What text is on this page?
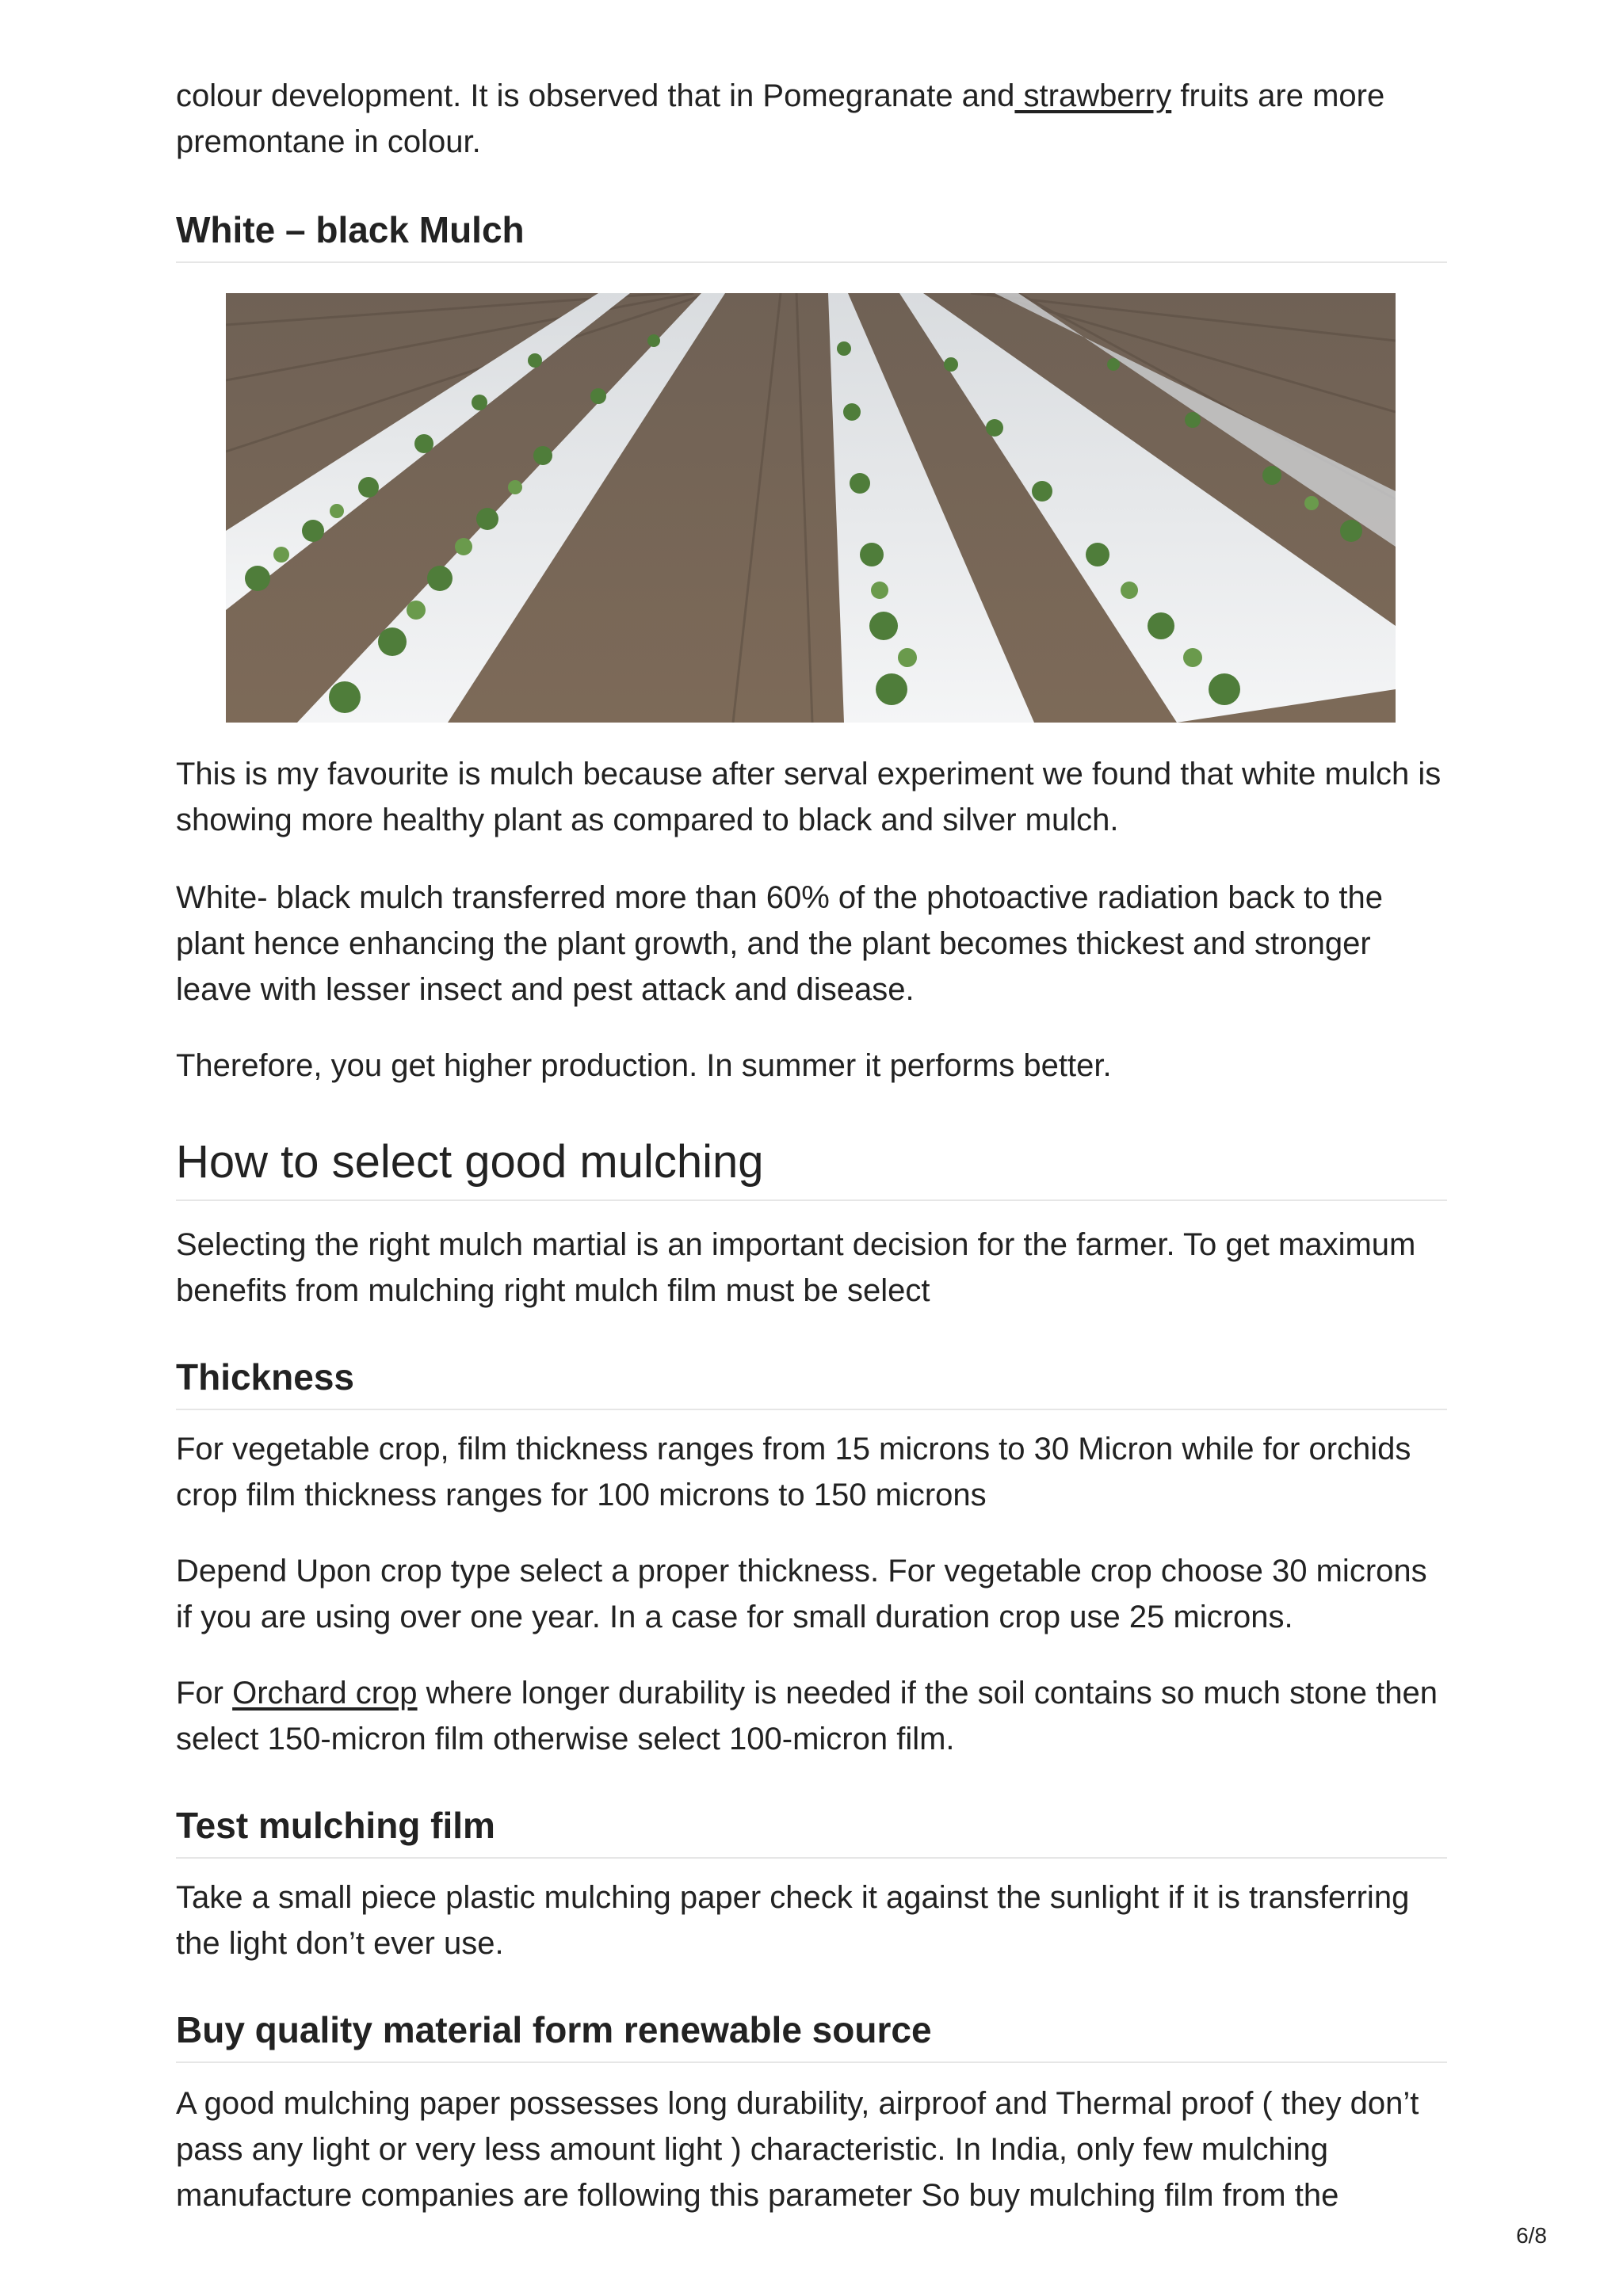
colour development. It is observed that in Pomegranate and strawberry fruits are more premontane in colour.

White – black Mulch

This is my favourite is mulch because after serval experiment we found that white mulch is showing more healthy plant as compared to black and silver mulch.

White- black mulch transferred more than 60% of the photoactive radiation back to the plant hence enhancing the plant growth, and the plant becomes thickest and stronger leave with lesser insect and pest attack and disease.

Therefore, you get higher production. In summer it performs better.

How to select good mulching

Selecting the right mulch martial is an important decision for the farmer. To get maximum benefits from mulching right mulch film must be select

Thickness

For vegetable crop, film thickness ranges from 15 microns to 30 Micron while for orchids crop film thickness ranges for 100 microns to 150 microns

Depend Upon crop type select a proper thickness. For vegetable crop choose 30 microns if you are using over one year. In a case for small duration crop use 25 microns.

For Orchard crop where longer durability is needed if the soil contains so much stone then select 150-micron film otherwise select 100-micron film.

Test mulching film

Take a small piece plastic mulching paper check it against the sunlight if it is transferring the light don’t ever use.

Buy quality material form renewable source

A good mulching paper possesses long durability, airproof and Thermal proof ( they don’t pass any light or very less amount light ) characteristic. In India, only few mulching manufacture companies are following this parameter So buy mulching film from the

6/8
